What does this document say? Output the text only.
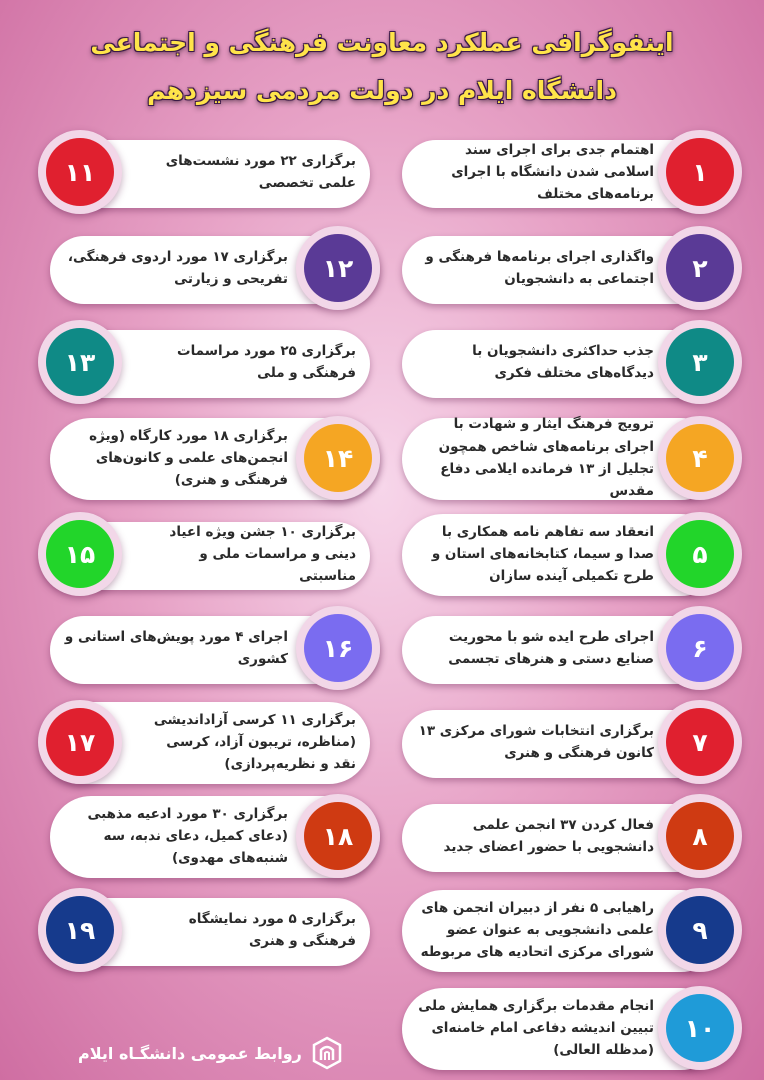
اینفوگرافی عملکرد معاونت فرهنگی و اجتماعی
دانشگاه ایلام در دولت مردمی سیزدهم
اهتمام جدی برای اجرای سند اسلامی شدن دانشگاه با اجرای برنامه‌های مختلف
۱
واگذاری اجرای برنامه‌ها فرهنگی و اجتماعی به دانشجویان	۲
جذب حداکثری دانشجویان با دیدگاه‌های مختلف فکری	۳
ترویج فرهنگ ایثار و شهادت با اجرای برنامه‌های شاخص همچون تجلیل از ۱۳ فرمانده ایلامی دفاع مقدس
۴
انعقاد سه تفاهم نامه همکاری با صدا و سیما، کتابخانه‌های استان و طرح تکمیلی آینده سازان
۵
اجرای طرح ایده شو با محوریت صنایع دستی و هنرهای تجسمی	۶
برگزاری انتخابات شورای مرکزی ۱۳ کانون فرهنگی و هنری	۷
فعال کردن ۳۷ انجمن علمی دانشجویی با حضور اعضای جدید	۸
راهیابی ۵ نفر از دبیران انجمن های علمی دانشجویی به عنوان عضو شورای مرکزی اتحادیه های مربوطه
۹
انجام مقدمات برگزاری همایش ملی تبیین اندیشه دفاعی امام خامنه‌ای (مدظله العالی)
۱۰
برگزاری ۲۲ مورد نشست‌های علمی تخصصی
۱۱
برگزاری ۱۷ مورد اردوی فرهنگی، تفریحی و زیارتی	۱۲
برگزاری ۲۵ مورد مراسمات فرهنگی و ملی
۱۳
برگزاری ۱۸ مورد کارگاه (ویژه انجمن‌های علمی و کانون‌های فرهنگی و هنری)
۱۴
برگزاری ۱۰ جشن ویژه اعیاد دینی و مراسمات ملی و مناسبتی
۱۵
اجرای ۴ مورد پویش‌های استانی و کشوری	۱۶
برگزاری ۱۱ کرسی آزاداندیشی (مناظره، تریبون آزاد، کرسی نقد و نظریه‌پردازی)
۱۷
برگزاری ۳۰ مورد ادعیه مذهبی (دعای کمیل، دعای ندبه، سه شنبه‌های مهدوی)
۱۸
برگزاری ۵ مورد نمایشگاه فرهنگی و هنری
۱۹
روابط عمومی دانشگـاه ایلام
